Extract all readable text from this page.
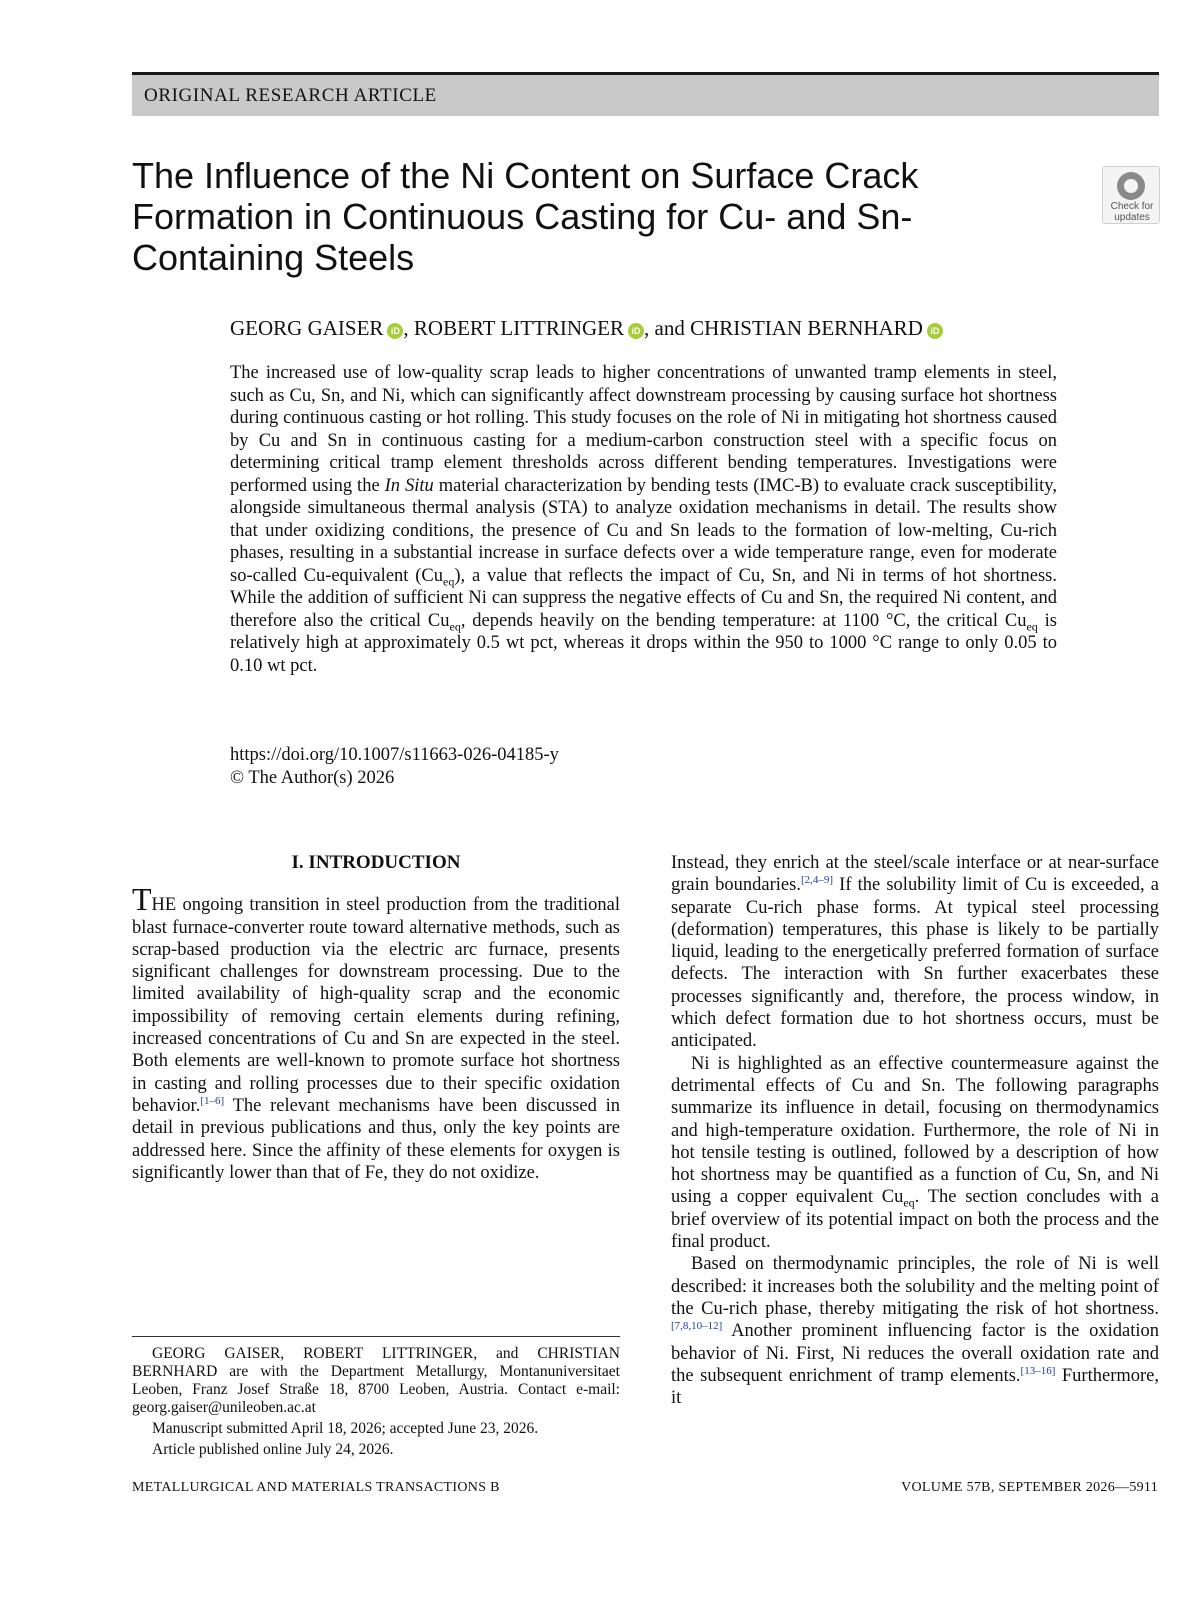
ORIGINAL RESEARCH ARTICLE
The Influence of the Ni Content on Surface Crack Formation in Continuous Casting for Cu- and Sn-Containing Steels
Check for
updates
GEORG GAISER iD , ROBERT LITTRINGER iD , and CHRISTIAN BERNHARD iD

The increased use of low-quality scrap leads to higher concentrations of unwanted tramp elements in steel, such as Cu, Sn, and Ni, which can significantly affect downstream processing by causing surface hot shortness during continuous casting or hot rolling. This study focuses on the role of Ni in mitigating hot shortness caused by Cu and Sn in continuous casting for a medium-carbon construction steel with a specific focus on determining critical tramp element thresholds across different bending temperatures. Investigations were performed using the In Situ material characterization by bending tests (IMC-B) to evaluate crack susceptibility, alongside simultaneous thermal analysis (STA) to analyze oxidation mechanisms in detail. The results show that under oxidizing conditions, the presence of Cu and Sn leads to the formation of low-melting, Cu-rich phases, resulting in a substantial increase in surface defects over a wide temperature range, even for moderate so-called Cu-equivalent $(Cu_{eq})$, a value that reflects the impact of Cu, Sn, and Ni in terms of hot shortness. While the addition of sufficient Ni can suppress the negative effects of Cu and Sn, the required Ni content, and therefore also the critical $Cu_{eq}$, depends heavily on the bending temperature: at 1100 °C, the critical $Cu_{eq}$ is relatively high at approximately 0.5 wt pct, whereas it drops within the 950 to 1000 °C range to only 0.05 to 0.10 wt pct.

https://doi.org/10.1007/s11663-026-04185-y
© The Author(s) 2026
I. INTRODUCTION

THE ongoing transition in steel production from the traditional blast furnace-converter route toward alternative methods, such as scrap-based production via the electric arc furnace, presents significant challenges for downstream processing. Due to the limited availability of high-quality scrap and the economic impossibility of removing certain elements during refining, increased concentrations of Cu and Sn are expected in the steel. Both elements are well-known to promote surface hot shortness in casting and rolling processes due to their specific oxidation behavior.[1–6] The relevant mechanisms have been discussed in detail in previous publications and thus, only the key points are addressed here. Since the affinity of these elements for oxygen is significantly lower than that of Fe, they do not oxidize.

Instead, they enrich at the steel/scale interface or at near-surface grain boundaries.[2,4–9] If the solubility limit of Cu is exceeded, a separate Cu-rich phase forms. At typical steel processing (deformation) temperatures, this phase is likely to be partially liquid, leading to the energetically preferred formation of surface defects. The interaction with Sn further exacerbates these processes significantly and, therefore, the process window, in which defect formation due to hot shortness occurs, must be anticipated.

Ni is highlighted as an effective countermeasure against the detrimental effects of Cu and Sn. The following paragraphs summarize its influence in detail, focusing on thermodynamics and high-temperature oxidation. Furthermore, the role of Ni in hot tensile testing is outlined, followed by a description of how hot shortness may be quantified as a function of Cu, Sn, and Ni using a copper equivalent $Cu_{eq}$. The section concludes with a brief overview of its potential impact on both the process and the final product.

Based on thermodynamic principles, the role of Ni is well described: it increases both the solubility and the melting point of the Cu-rich phase, thereby mitigating the risk of hot shortness.[7,8,10–12] Another prominent influencing factor is the oxidation behavior of Ni. First, Ni reduces the overall oxidation rate and the subsequent enrichment of tramp elements.[13–16] Furthermore, it

GEORG GAISER, ROBERT LITTRINGER, and CHRISTIAN BERNHARD are with the Department Metallurgy, Montanuniversitaet Leoben, Franz Josef Straße 18, 8700 Leoben, Austria. Contact e-mail: georg.gaiser@unileoben.ac.at

Manuscript submitted April 18, 2026; accepted June 23, 2026.

Article published online July 24, 2026.

METALLURGICAL AND MATERIALS TRANSACTIONS B	VOLUME 57B, SEPTEMBER 2026—5911
